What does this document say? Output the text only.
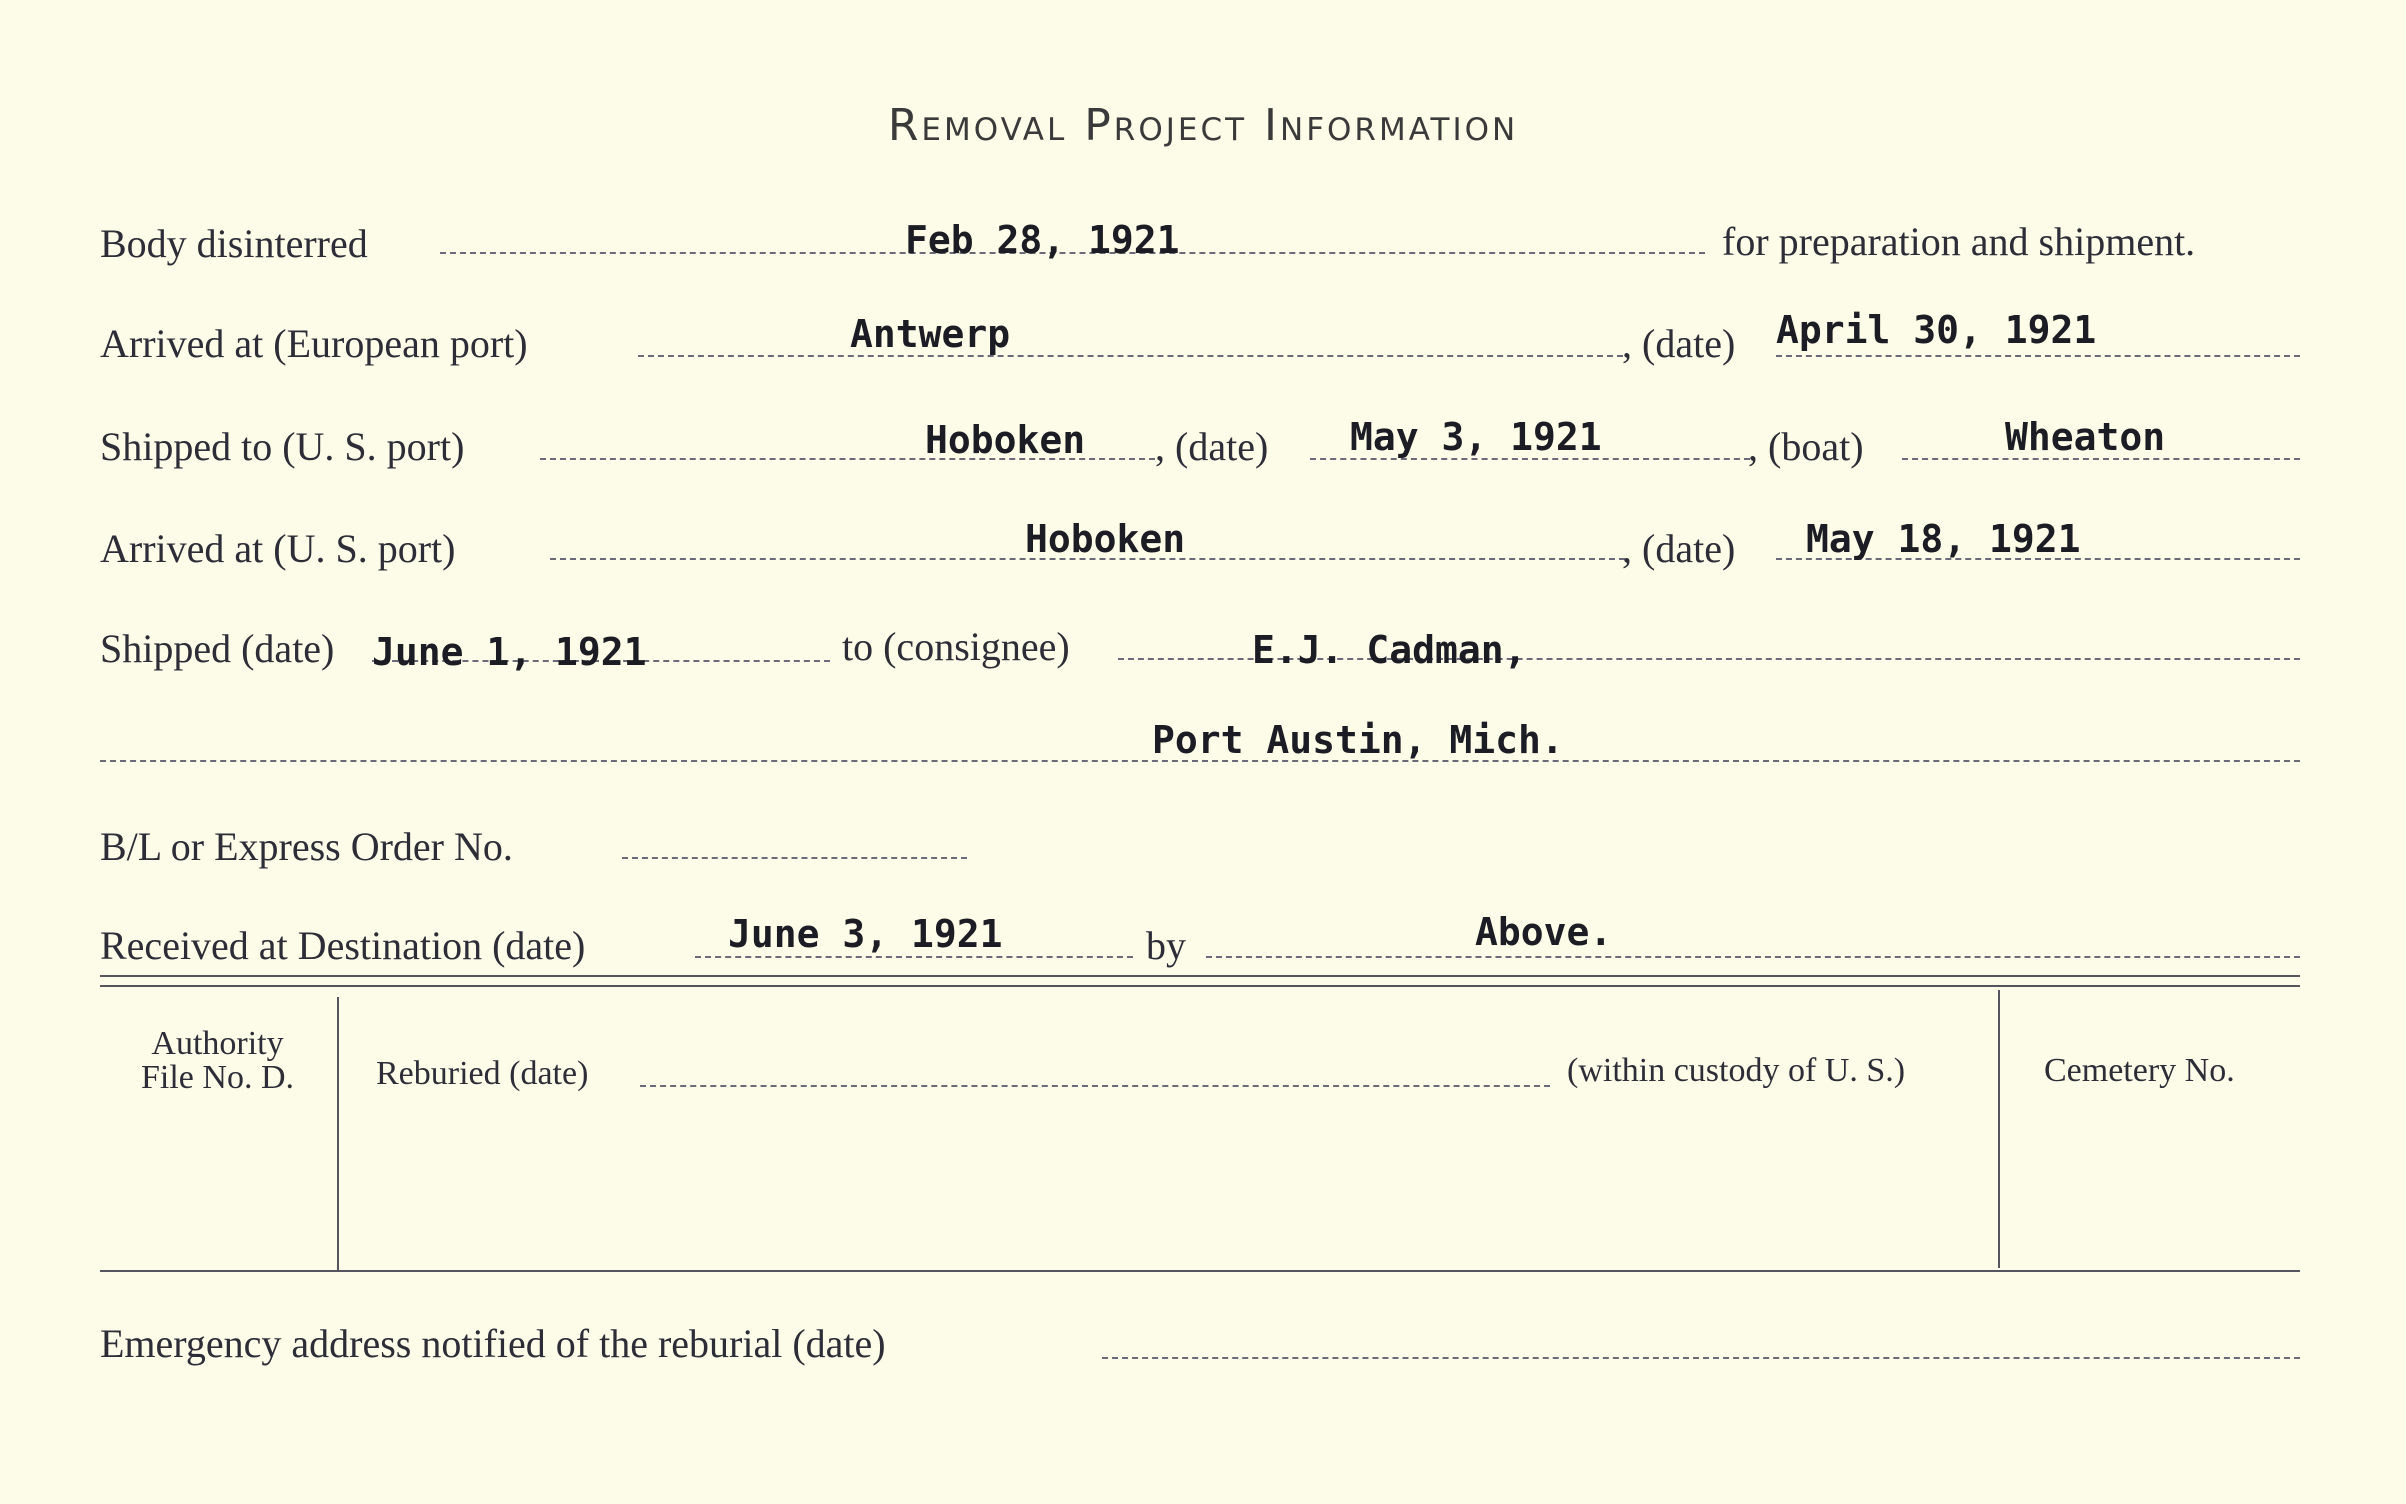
Removal Project Information
Body disinterred	Feb 28, 1921	for preparation and shipment.
Arrived at (European port)	Antwerp	, (date) April 30, 1921
Shipped to (U. S. port)	Hoboken , (date) May 3, 1921	, (boat)	Wheaton
Arrived at (U. S. port)	Hoboken	, (date) May 18, 1921
Shipped (date) June 1, 1921	to (consignee)	E.J. Cadman,
Port Austin, Mich.
B/L or Express Order No.
Received at Destination (date)	June 3, 1921	by	Above.
Authority
File No. D.	Reburied (date)	(within custody of U. S.)	Cemetery No.
Emergency address notified of the reburial (date)
